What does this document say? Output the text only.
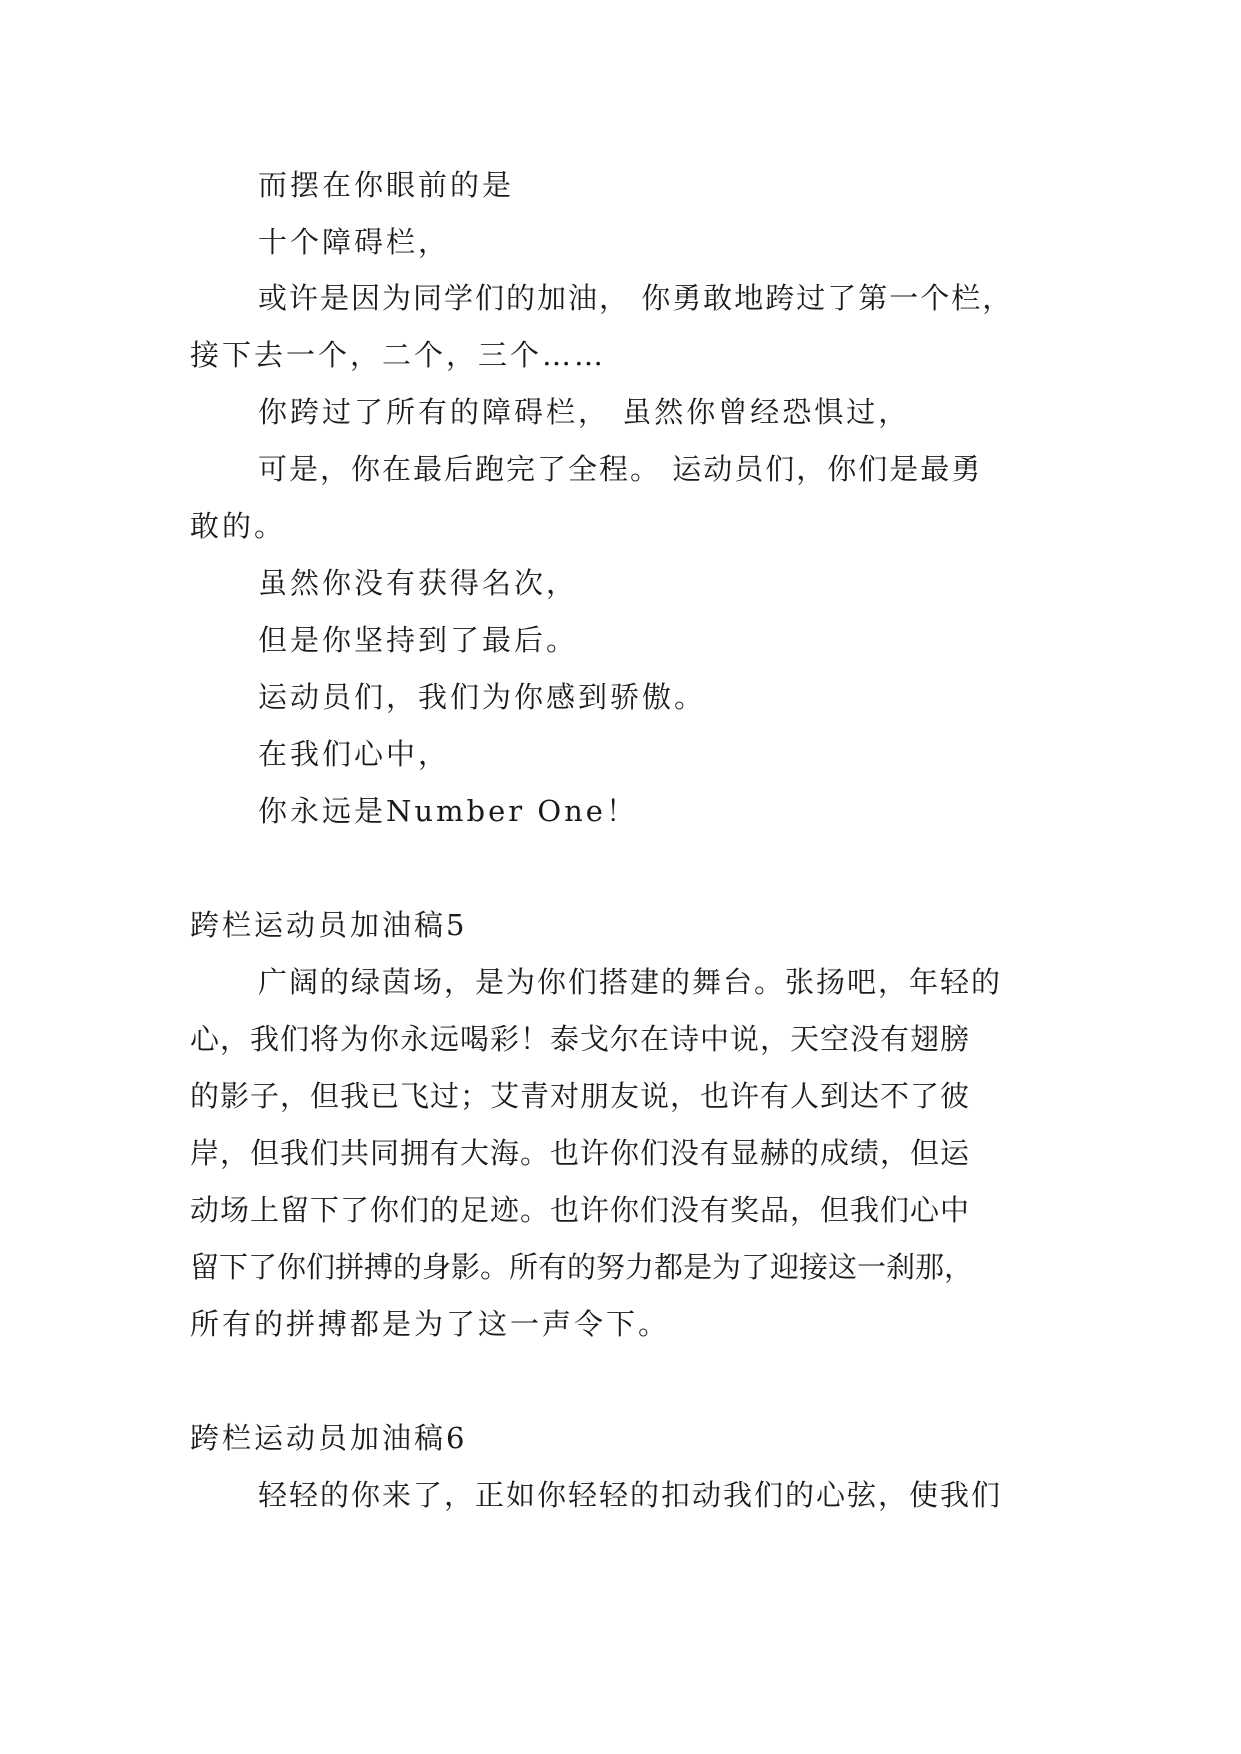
而摆在你眼前的是
十个障碍栏，
或许是因为同学们的加油， 你勇敢地跨过了第一个栏，
接下去一个，二个，三个……
你跨过了所有的障碍栏， 虽然你曾经恐惧过，
可是，你在最后跑完了全程。 运动员们，你们是最勇
敢的。
虽然你没有获得名次，
但是你坚持到了最后。
运动员们，我们为你感到骄傲。
在我们心中，
你永远是Number One！
跨栏运动员加油稿5
广阔的绿茵场，是为你们搭建的舞台。张扬吧，年轻的
心，我们将为你永远喝彩！泰戈尔在诗中说，天空没有翅膀
的影子，但我已飞过；艾青对朋友说，也许有人到达不了彼
岸，但我们共同拥有大海。也许你们没有显赫的成绩，但运
动场上留下了你们的足迹。也许你们没有奖品，但我们心中
留下了你们拼搏的身影。所有的努力都是为了迎接这一刹那，
所有的拼搏都是为了这一声令下。
跨栏运动员加油稿6
轻轻的你来了，正如你轻轻的扣动我们的心弦，使我们
